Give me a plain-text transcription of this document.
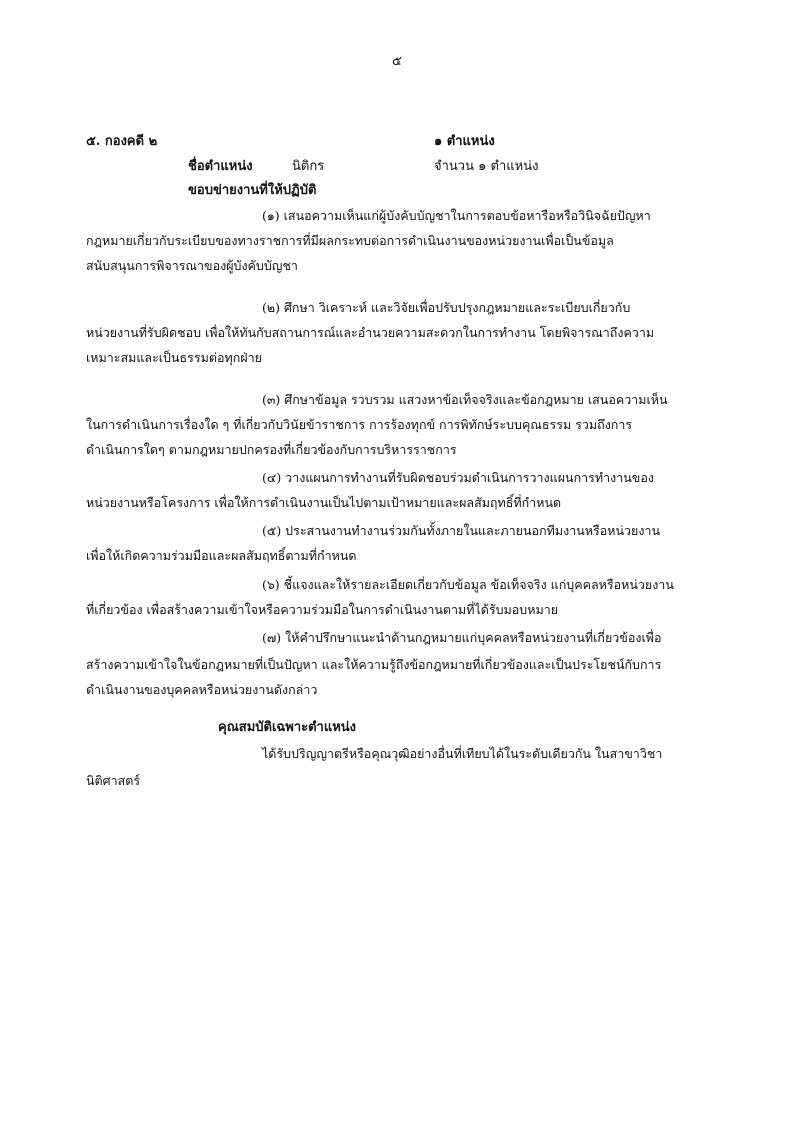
๕
๕. กองคดี ๒	๑ ตำแหน่ง
ชื่อตำแหน่ง	นิติกร	จำนวน ๑ ตำแหน่ง
ขอบข่ายงานที่ให้ปฏิบัติ
(๑) เสนอความเห็นแก่ผู้บังคับบัญชาในการตอบข้อหารือหรือวินิจฉัยปัญหา
กฎหมายเกี่ยวกับระเบียบของทางราชการที่มีผลกระทบต่อการดำเนินงานของหน่วยงานเพื่อเป็นข้อมูล
สนับสนุนการพิจารณาของผู้บังคับบัญชา
(๒) ศึกษา วิเคราะห์ และวิจัยเพื่อปรับปรุงกฎหมายและระเบียบเกี่ยวกับ
หน่วยงานที่รับผิดชอบ เพื่อให้ทันกับสถานการณ์และอำนวยความสะดวกในการทำงาน โดยพิจารณาถึงความ
เหมาะสมและเป็นธรรมต่อทุกฝ่าย
(๓) ศึกษาข้อมูล รวบรวม แสวงหาข้อเท็จจริงและข้อกฎหมาย เสนอความเห็น
ในการดำเนินการเรื่องใด ๆ ที่เกี่ยวกับวินัยข้าราชการ การร้องทุกข์ การพิทักษ์ระบบคุณธรรม รวมถึงการ
ดำเนินการใดๆ ตามกฎหมายปกครองที่เกี่ยวข้องกับการบริหารราชการ
(๔) วางแผนการทำงานที่รับผิดชอบร่วมดำเนินการวางแผนการทำงานของ
หน่วยงานหรือโครงการ เพื่อให้การดำเนินงานเป็นไปตามเป้าหมายและผลสัมฤทธิ์ที่กำหนด
(๕) ประสานงานทำงานร่วมกันทั้งภายในและภายนอกทีมงานหรือหน่วยงาน
เพื่อให้เกิดความร่วมมือและผลสัมฤทธิ์ตามที่กำหนด
(๖) ชี้แจงและให้รายละเอียดเกี่ยวกับข้อมูล ข้อเท็จจริง แก่บุคคลหรือหน่วยงาน
ที่เกี่ยวข้อง เพื่อสร้างความเข้าใจหรือความร่วมมือในการดำเนินงานตามที่ได้รับมอบหมาย
(๗) ให้คำปรึกษาแนะนำด้านกฎหมายแก่บุคคลหรือหน่วยงานที่เกี่ยวข้องเพื่อ
สร้างความเข้าใจในข้อกฎหมายที่เป็นปัญหา และให้ความรู้ถึงข้อกฎหมายที่เกี่ยวข้องและเป็นประโยชน์กับการ
ดำเนินงานของบุคคลหรือหน่วยงานดังกล่าว
คุณสมบัติเฉพาะตำแหน่ง
ได้รับปริญญาตรีหรือคุณวุฒิอย่างอื่นที่เทียบได้ในระดับเดียวกัน ในสาขาวิชา
นิติศาสตร์
